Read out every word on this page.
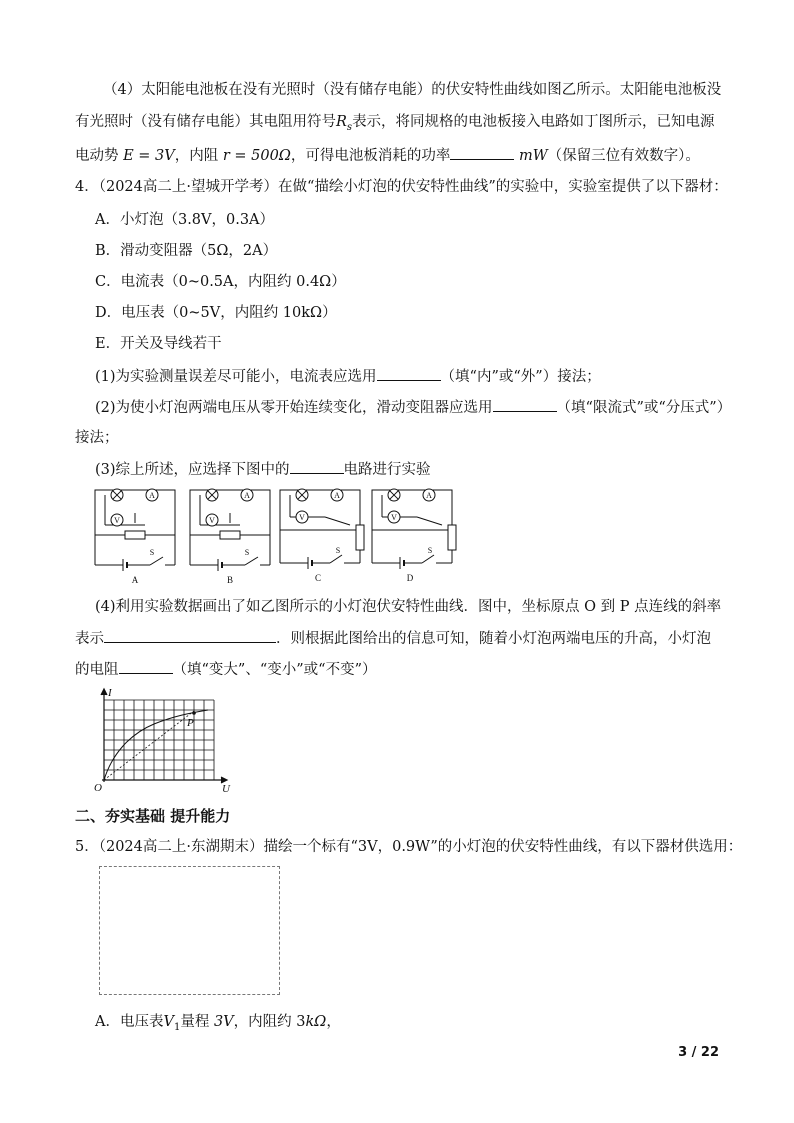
（4）太阳能电池板在没有光照时（没有储存电能）的伏安特性曲线如图乙所示。太阳能电池板没
有光照时（没有储存电能）其电阻用符号$R_s$表示，将同规格的电池板接入电路如丁图所示，已知电源
电动势 E = 3V，内阻 r = 500Ω，可得电池板消耗的功率	mW（保留三位有效数字）。
4．（2024高二上·望城开学考）在做“描绘小灯泡的伏安特性曲线”的实验中，实验室提供了以下器材：
A．小灯泡（3.8V，0.3A）
B．滑动变阻器（5Ω，2A）
C．电流表（0~0.5A，内阻约 0.4Ω）
D．电压表（0~5V，内阻约 10kΩ）
E．开关及导线若干
(1)为实验测量误差尽可能小，电流表应选用	（填“内”或“外”）接法；
(2)为使小灯泡两端电压从零开始连续变化，滑动变阻器应选用	（填“限流式”或“分压式”）
接法；
(3)综上所述，应选择下图中的	电路进行实验
A
V
S
A
A
V
S
B
A
V
S
C
A
V
S
D
(4)利用实验数据画出了如乙图所示的小灯泡伏安特性曲线．图中，坐标原点 O 到 P 点连线的斜率
表示	．则根据此图给出的信息可知，随着小灯泡两端电压的升高，小灯泡
的电阻	（填“变大”、“变小”或“不变”）
I
U
O
P
二、夯实基础 提升能力
5．（2024高二上·东湖期末）描绘一个标有“3V，0.9W”的小灯泡的伏安特性曲线，有以下器材供选用：
A．电压表$V_1$量程 3V，内阻约 3kΩ，
3 / 22
